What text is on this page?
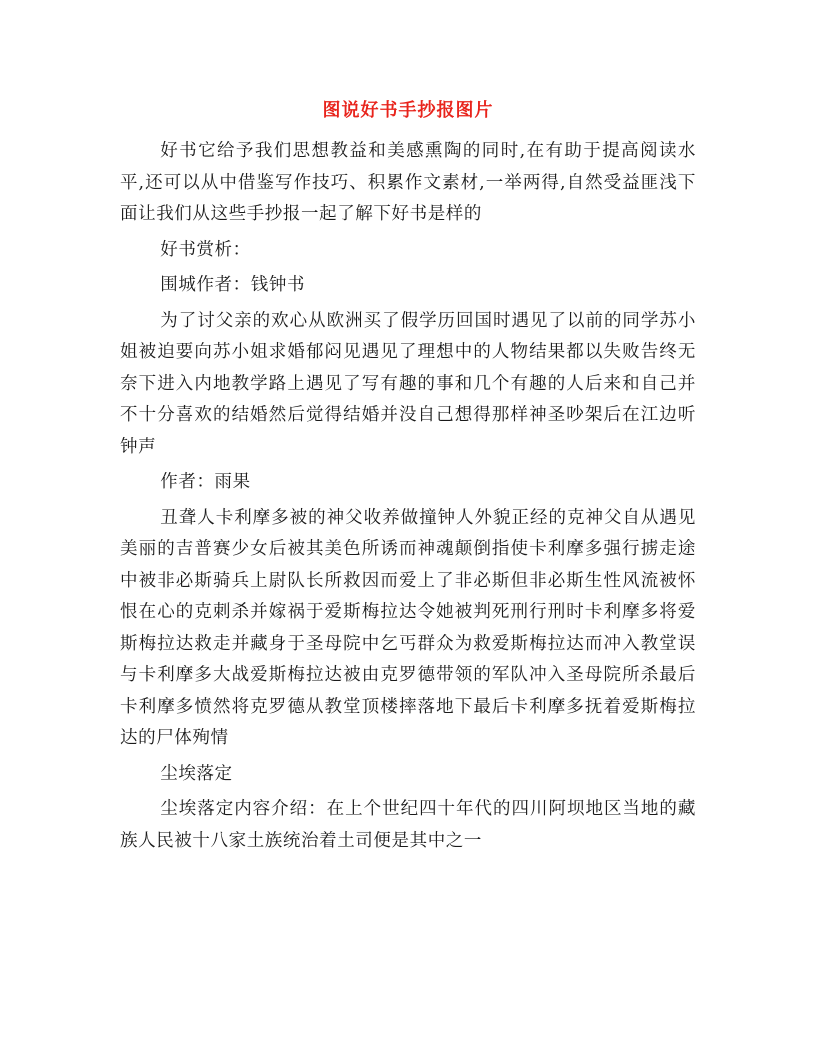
图说好书手抄报图片

好书它给予我们思想教益和美感熏陶的同时,在有助于提高阅读水平,还可以从中借鉴写作技巧、积累作文素材,一举两得,自然受益匪浅下面让我们从这些手抄报一起了解下好书是样的

好书赏析：

围城作者：钱钟书

为了讨父亲的欢心从欧洲买了假学历回国时遇见了以前的同学苏小姐被迫要向苏小姐求婚郁闷见遇见了理想中的人物结果都以失败告终无奈下进入内地教学路上遇见了写有趣的事和几个有趣的人后来和自己并不十分喜欢的结婚然后觉得结婚并没自己想得那样神圣吵架后在江边听钟声

作者：雨果

丑聋人卡利摩多被的神父收养做撞钟人外貌正经的克神父自从遇见美丽的吉普赛少女后被其美色所诱而神魂颠倒指使卡利摩多强行掳走途中被非必斯骑兵上尉队长所救因而爱上了非必斯但非必斯生性风流被怀恨在心的克刺杀并嫁祸于爱斯梅拉达令她被判死刑行刑时卡利摩多将爱斯梅拉达救走并藏身于圣母院中乞丐群众为救爱斯梅拉达而冲入教堂误与卡利摩多大战爱斯梅拉达被由克罗德带领的军队冲入圣母院所杀最后卡利摩多愤然将克罗德从教堂顶楼摔落地下最后卡利摩多抚着爱斯梅拉达的尸体殉情

尘埃落定

尘埃落定内容介绍：在上个世纪四十年代的四川阿坝地区当地的藏族人民被十八家土族统治着土司便是其中之一
